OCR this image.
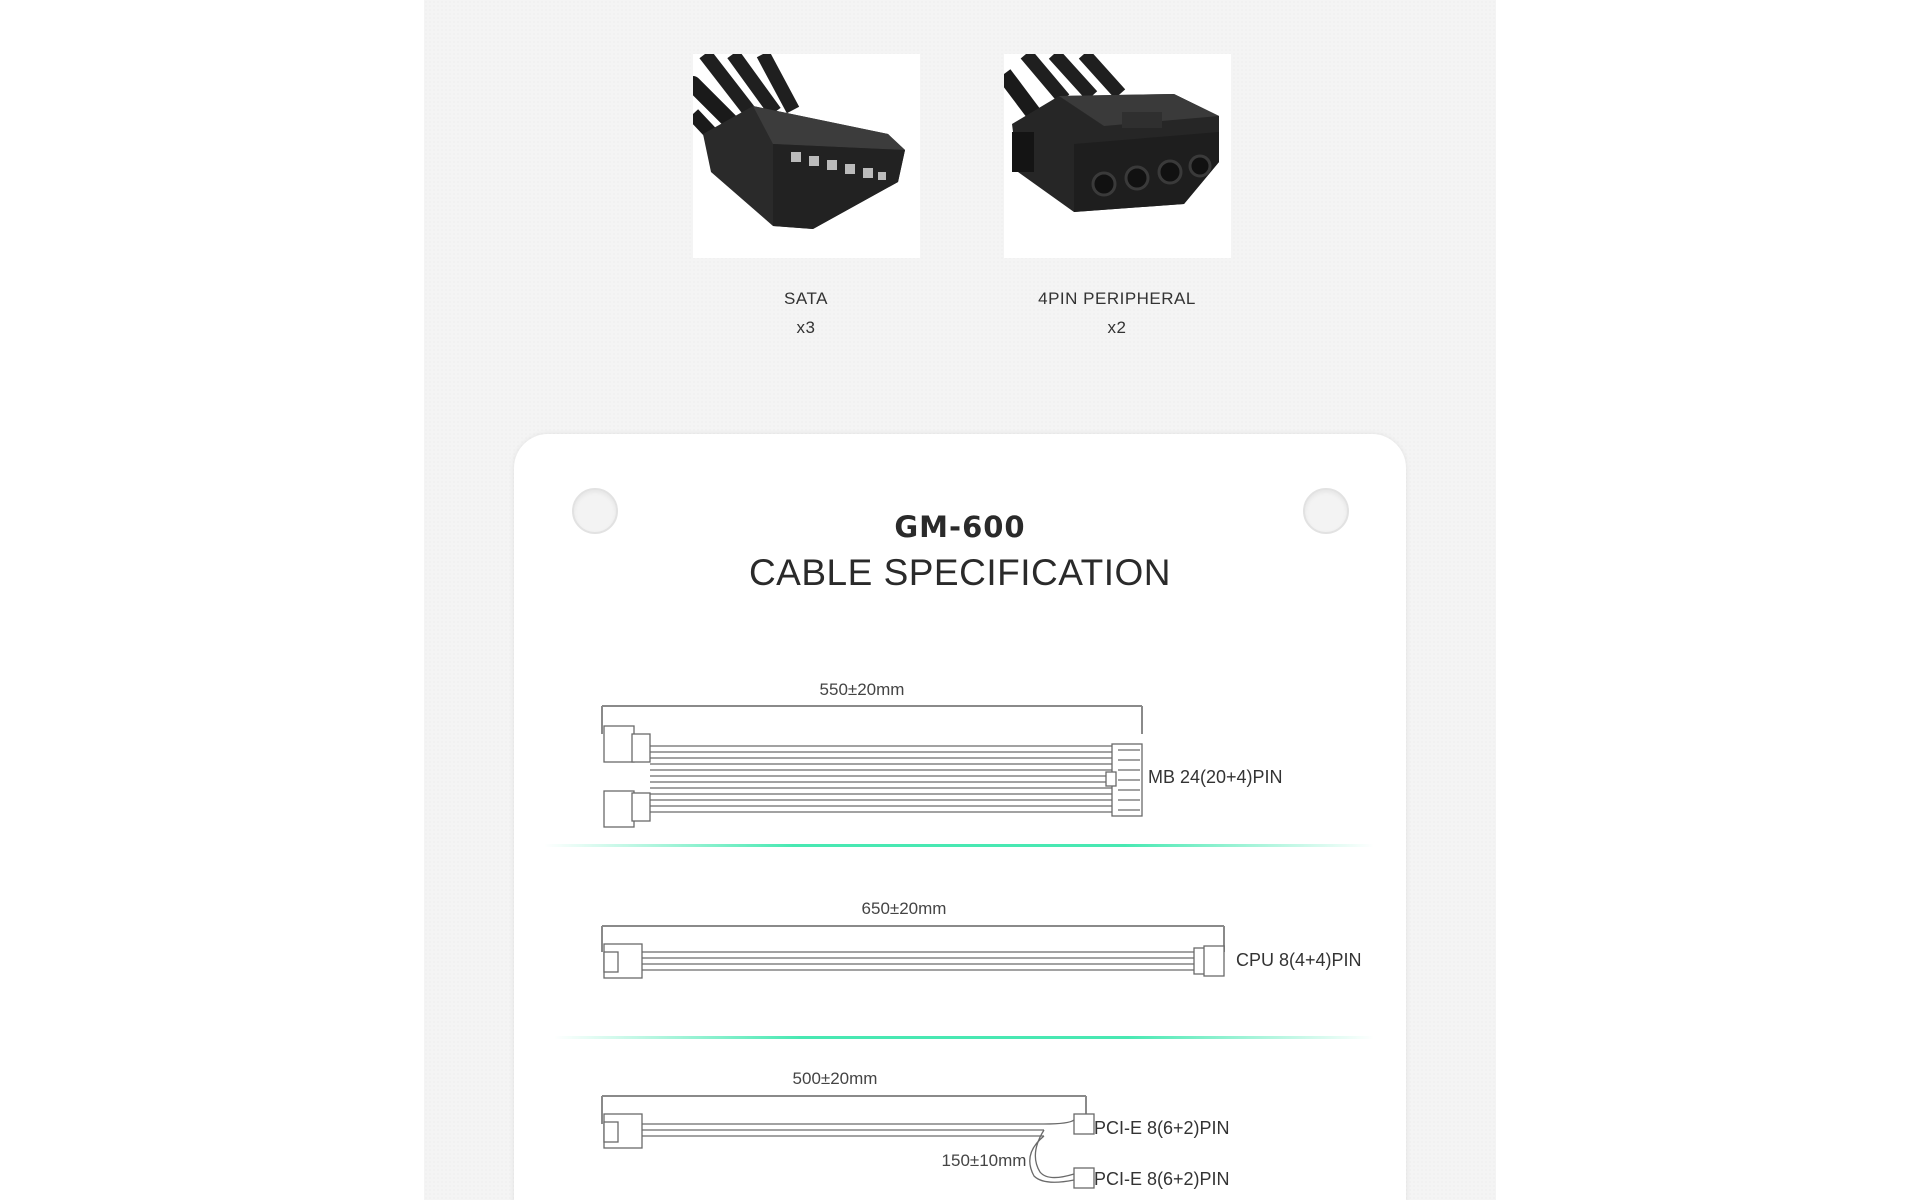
SATA
x3
4PIN PERIPHERAL
x2
GM-600
CABLE SPECIFICATION
550±20mm
MB 24(20+4)PIN
650±20mm
CPU 8(4+4)PIN
500±20mm
PCI-E 8(6+2)PIN
PCI-E 8(6+2)PIN
150±10mm
